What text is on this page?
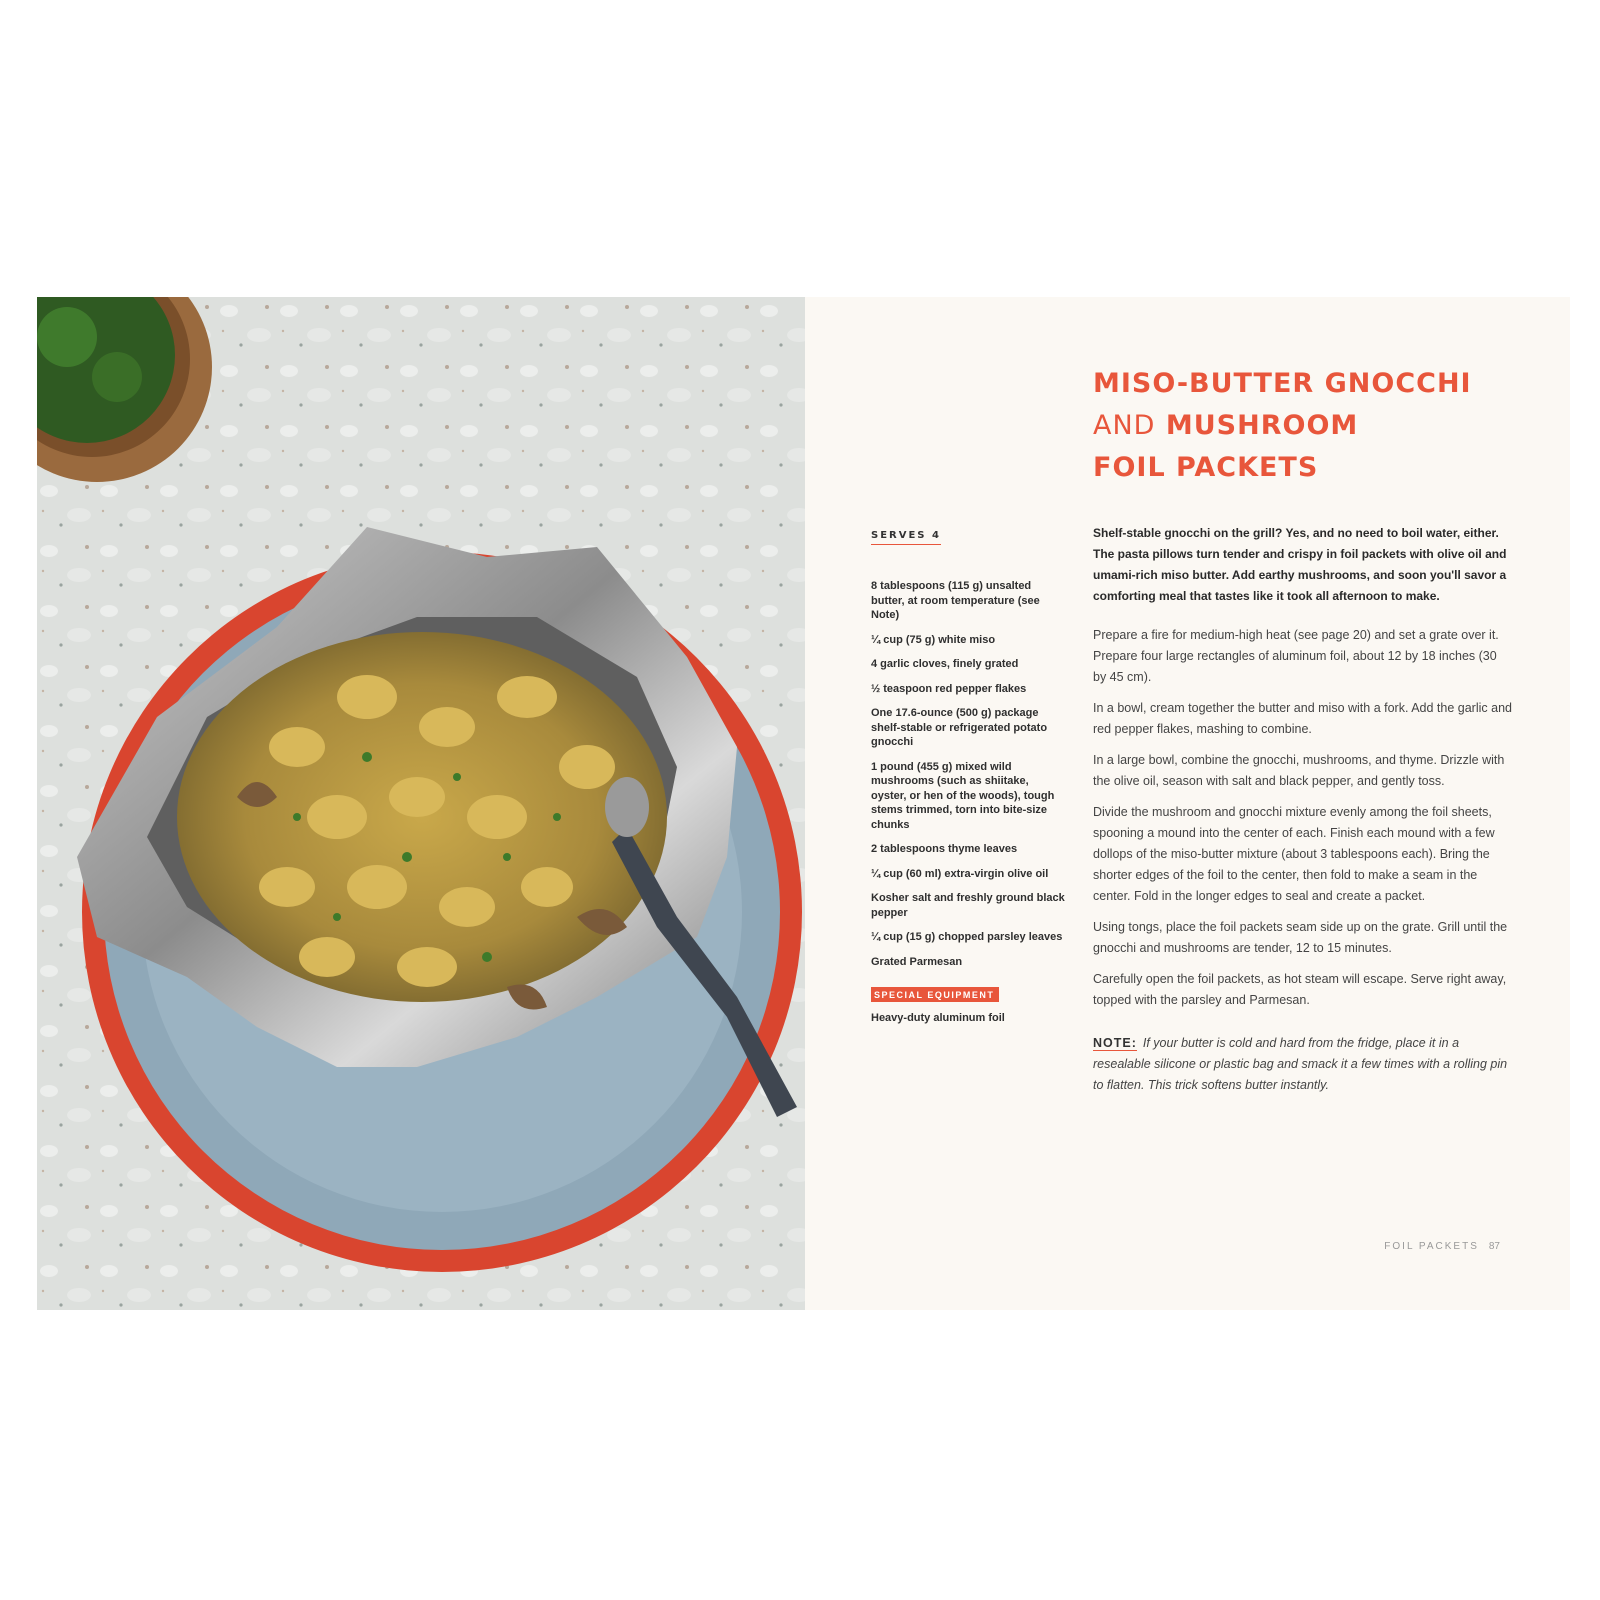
MISO-BUTTER GNOCCHI
AND MUSHROOM
FOIL PACKETS
SERVES 4
8 tablespoons (115 g) unsalted butter, at room temperature (see Note)
¼ cup (75 g) white miso
4 garlic cloves, finely grated
½ teaspoon red pepper flakes
One 17.6-ounce (500 g) package shelf-stable or refrigerated potato gnocchi
1 pound (455 g) mixed wild mushrooms (such as shiitake, oyster, or hen of the woods), tough stems trimmed, torn into bite-size chunks
2 tablespoons thyme leaves
¼ cup (60 ml) extra-virgin olive oil
Kosher salt and freshly ground black pepper
¼ cup (15 g) chopped parsley leaves
Grated Parmesan
SPECIAL EQUIPMENT
Heavy-duty aluminum foil

Shelf-stable gnocchi on the grill? Yes, and no need to boil water, either. The pasta pillows turn tender and crispy in foil packets with olive oil and umami-rich miso butter. Add earthy mushrooms, and soon you'll savor a comforting meal that tastes like it took all afternoon to make.

Prepare a fire for medium-high heat (see page 20) and set a grate over it. Prepare four large rectangles of aluminum foil, about 12 by 18 inches (30 by 45 cm).

In a bowl, cream together the butter and miso with a fork. Add the garlic and red pepper flakes, mashing to combine.

In a large bowl, combine the gnocchi, mushrooms, and thyme. Drizzle with the olive oil, season with salt and black pepper, and gently toss.

Divide the mushroom and gnocchi mixture evenly among the foil sheets, spooning a mound into the center of each. Finish each mound with a few dollops of the miso-butter mixture (about 3 tablespoons each). Bring the shorter edges of the foil to the center, then fold to make a seam in the center. Fold in the longer edges to seal and create a packet.

Using tongs, place the foil packets seam side up on the grate. Grill until the gnocchi and mushrooms are tender, 12 to 15 minutes.

Carefully open the foil packets, as hot steam will escape. Serve right away, topped with the parsley and Parmesan.

NOTE: If your butter is cold and hard from the fridge, place it in a resealable silicone or plastic bag and smack it a few times with a rolling pin to flatten. This trick softens butter instantly.

FOIL PACKETS 87
